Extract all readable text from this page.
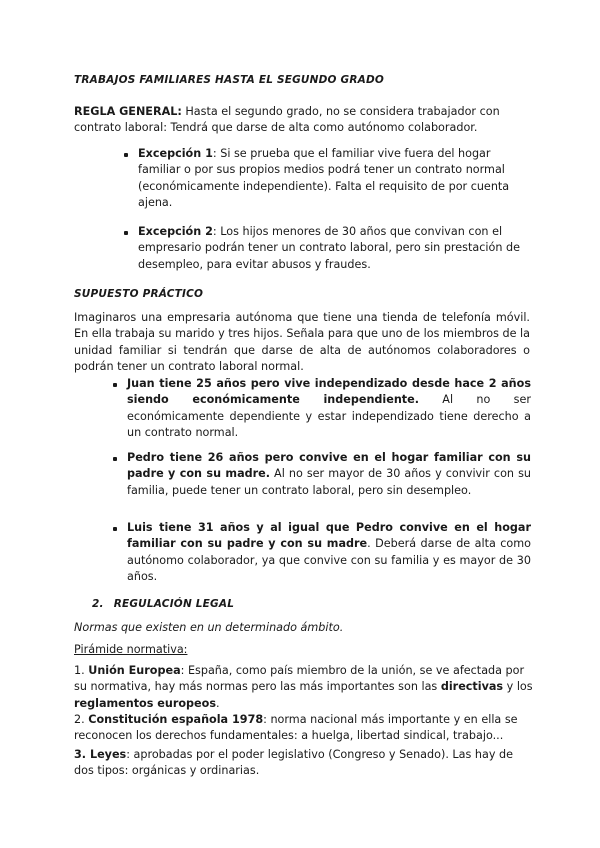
TRABAJOS FAMILIARES HASTA EL SEGUNDO GRADO
REGLA GENERAL: Hasta el segundo grado, no se considera trabajador con contrato laboral: Tendrá que darse de alta como autónomo colaborador.
Excepción 1: Si se prueba que el familiar vive fuera del hogar familiar o por sus propios medios podrá tener un contrato normal (económicamente independiente). Falta el requisito de por cuenta ajena.
Excepción 2: Los hijos menores de 30 años que convivan con el empresario podrán tener un contrato laboral, pero sin prestación de desempleo, para evitar abusos y fraudes.
SUPUESTO PRÁCTICO
Imaginaros una empresaria autónoma que tiene una tienda de telefonía móvil. En ella trabaja su marido y tres hijos. Señala para que uno de los miembros de la unidad familiar si tendrán que darse de alta de autónomos colaboradores o podrán tener un contrato laboral normal.
Juan tiene 25 años pero vive independizado desde hace 2 años siendo económicamente independiente. Al no ser económicamente dependiente y estar independizado tiene derecho a un contrato normal.
Pedro tiene 26 años pero convive en el hogar familiar con su padre y con su madre. Al no ser mayor de 30 años y convivir con su familia, puede tener un contrato laboral, pero sin desempleo.
Luis tiene 31 años y al igual que Pedro convive en el hogar familiar con su padre y con su madre. Deberá darse de alta como autónomo colaborador, ya que convive con su familia y es mayor de 30 años.
2. REGULACIÓN LEGAL
Normas que existen en un determinado ámbito.
Pirámide normativa:
1. Unión Europea: España, como país miembro de la unión, se ve afectada por su normativa, hay más normas pero las más importantes son las directivas y los reglamentos europeos.
2. Constitución española 1978: norma nacional más importante y en ella se reconocen los derechos fundamentales: a huelga, libertad sindical, trabajo...
3. Leyes: aprobadas por el poder legislativo (Congreso y Senado). Las hay de dos tipos: orgánicas y ordinarias.
